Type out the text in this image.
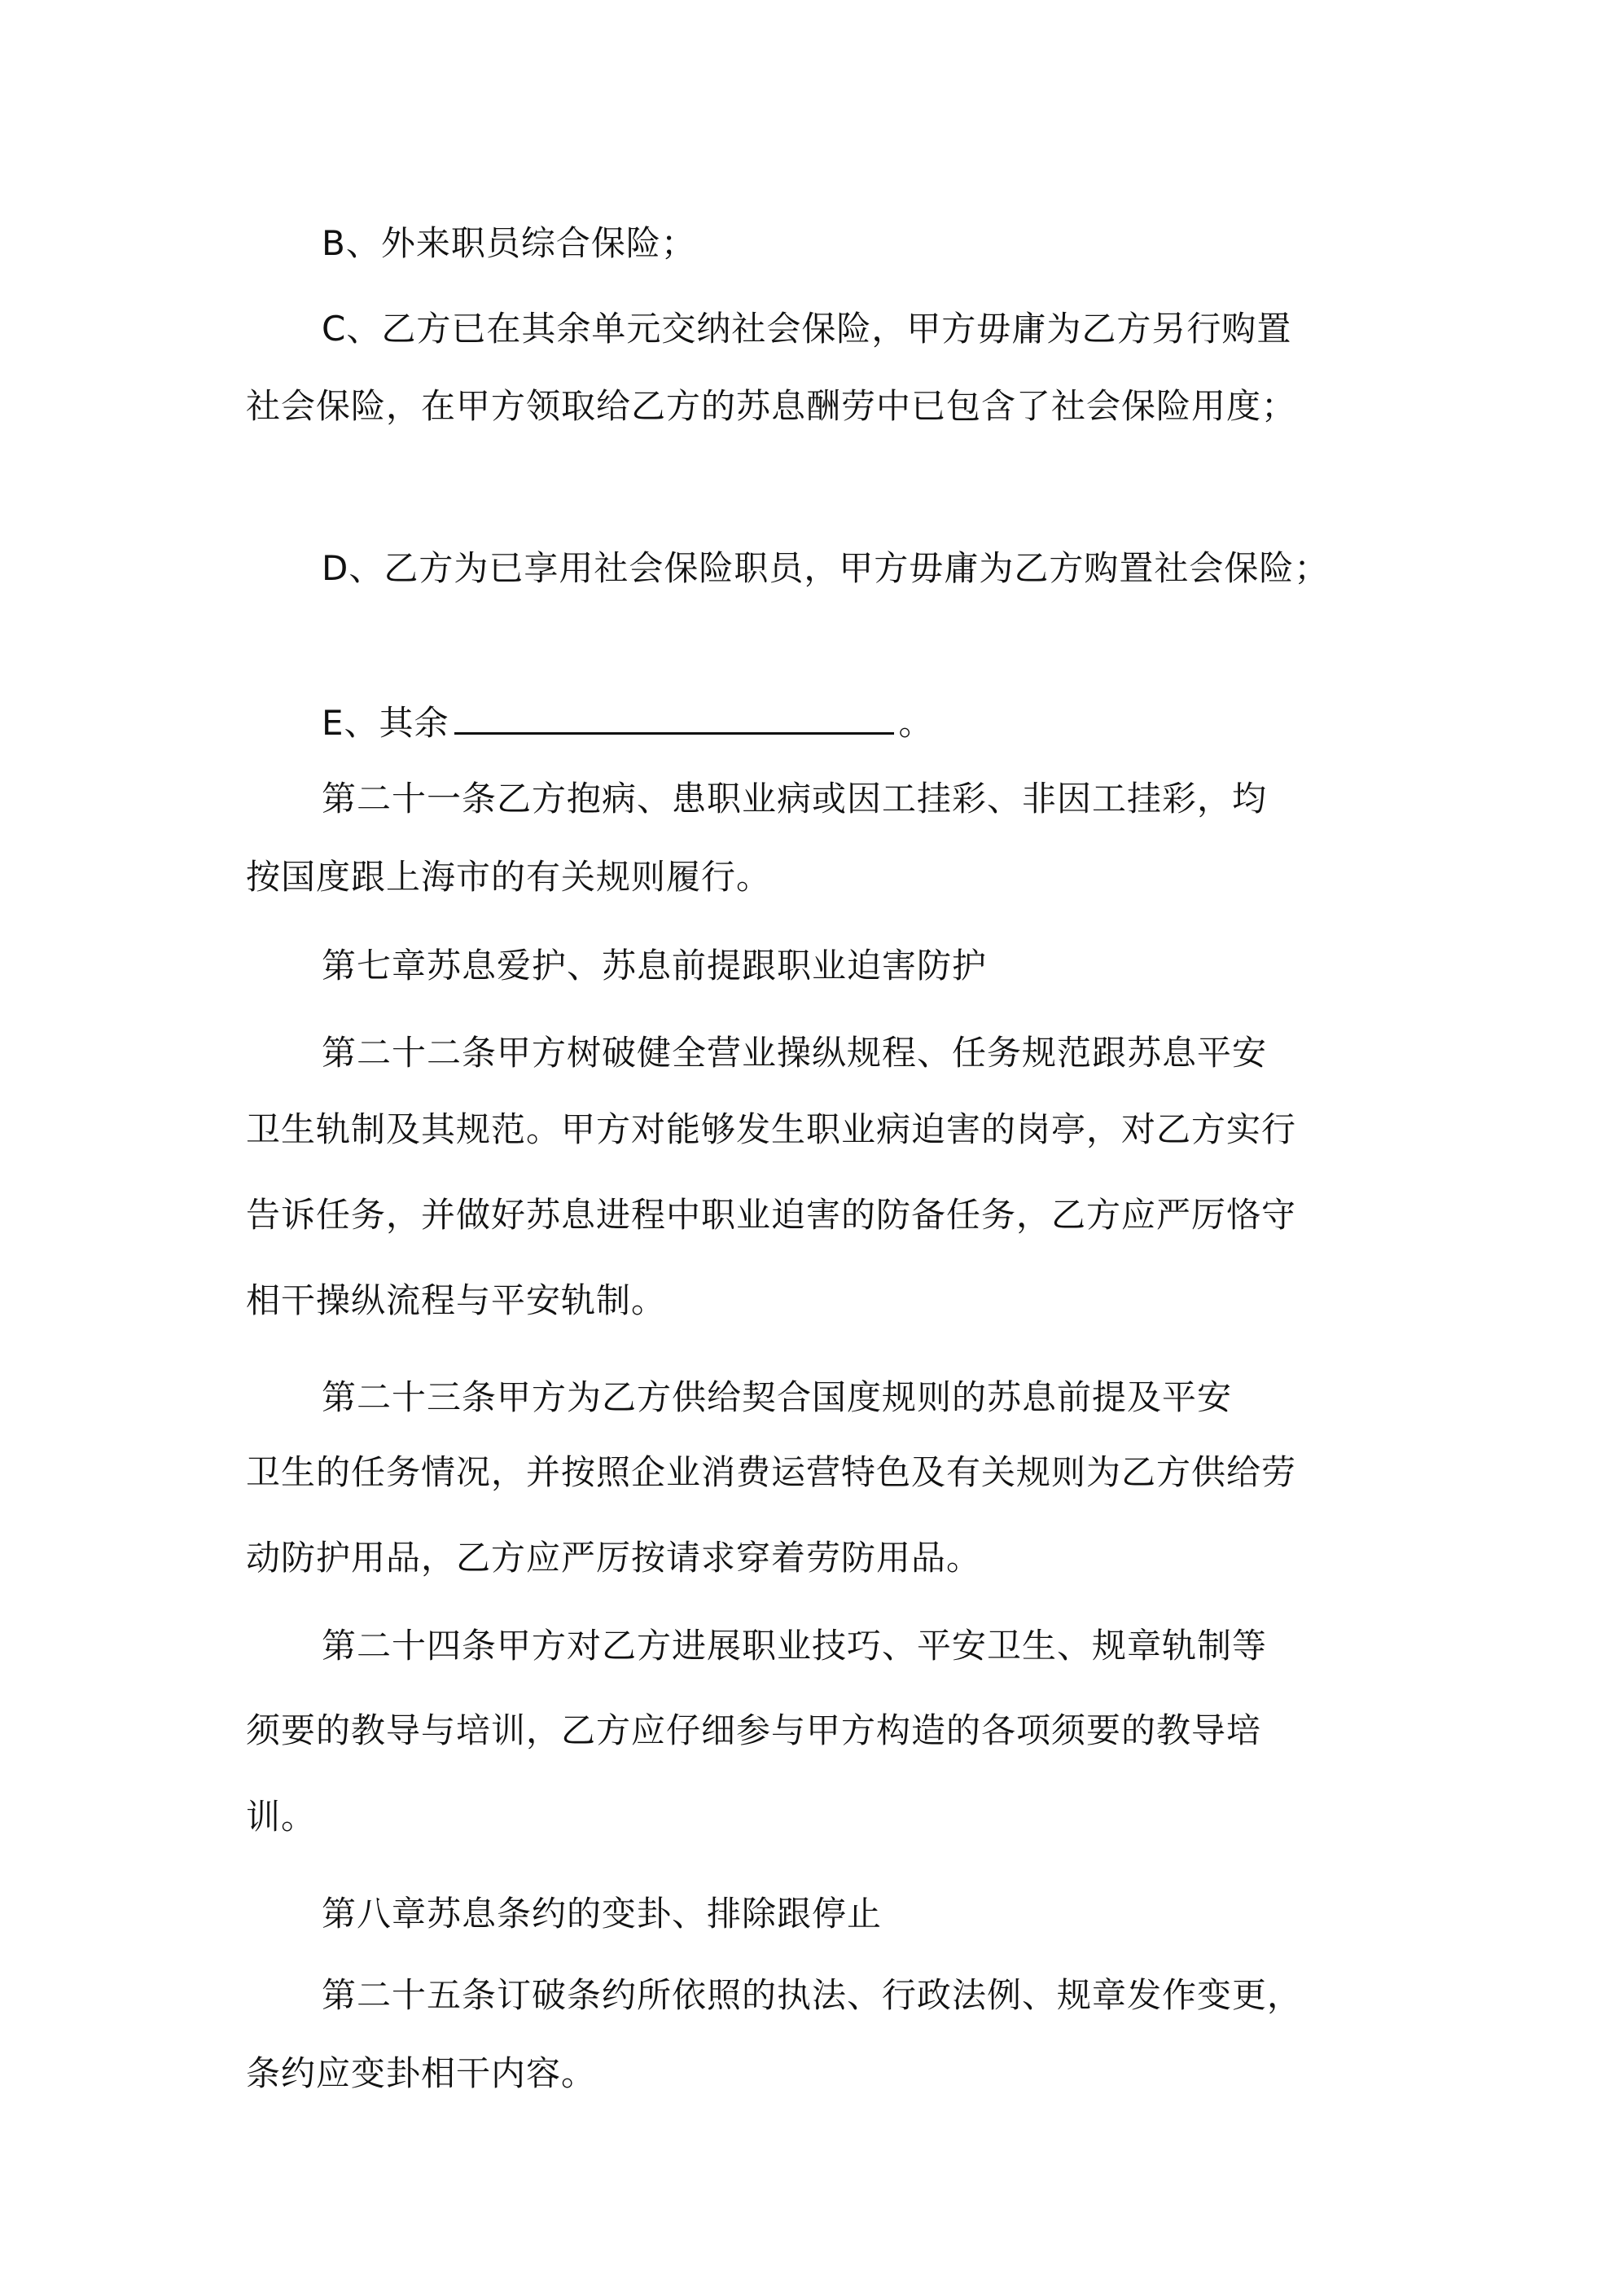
B、外来职员综合保险；
C、乙方已在其余单元交纳社会保险，甲方毋庸为乙方另行购置
社会保险，在甲方领取给乙方的苏息酬劳中已包含了社会保险用度；
D、乙方为已享用社会保险职员，甲方毋庸为乙方购置社会保险；
E、其余	。
第二十一条乙方抱病、患职业病或因工挂彩、非因工挂彩，均
按国度跟上海市的有关规则履行。
第七章苏息爱护、苏息前提跟职业迫害防护
第二十二条甲方树破健全营业操纵规程、任务规范跟苏息平安
卫生轨制及其规范。甲方对能够发生职业病迫害的岗亭，对乙方实行
告诉任务，并做好苏息进程中职业迫害的防备任务，乙方应严厉恪守
相干操纵流程与平安轨制。
第二十三条甲方为乙方供给契合国度规则的苏息前提及平安
卫生的任务情况，并按照企业消费运营特色及有关规则为乙方供给劳
动防护用品，乙方应严厉按请求穿着劳防用品。
第二十四条甲方对乙方进展职业技巧、平安卫生、规章轨制等
须要的教导与培训，乙方应仔细参与甲方构造的各项须要的教导培
训。
第八章苏息条约的变卦、排除跟停止
第二十五条订破条约所依照的执法、行政法例、规章发作变更，
条约应变卦相干内容。
